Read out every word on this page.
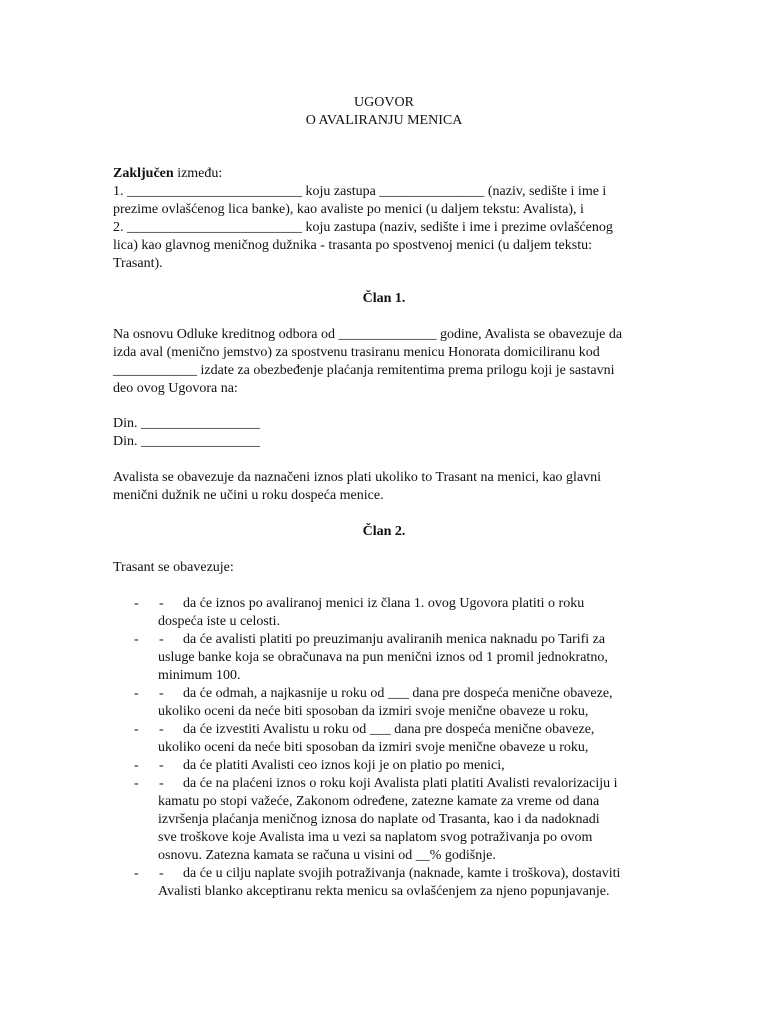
UGOVOR
O AVALIRANJU MENICA
Zaključen između:
1. _________________________ koju zastupa _______________ (naziv, sedište i ime i
prezime ovlašćenog lica banke), kao avaliste po menici (u daljem tekstu: Avalista), i
2. _________________________ koju zastupa (naziv, sedište i ime i prezime ovlašćenog
lica) kao glavnog meničnog dužnika - trasanta po spostvenoj menici (u daljem tekstu:
Trasant).
Član 1.
Na osnovu Odluke kreditnog odbora od ______________ godine, Avalista se obavezuje da
izda aval (menično jemstvo) za spostvenu trasiranu menicu Honorata domiciliranu kod
____________ izdate za obezbeđenje plaćanja remitentima prema prilogu koji je sastavni
deo ovog Ugovora na:
Din. _________________
Din. _________________
Avalista se obavezuje da naznačeni iznos plati ukoliko to Trasant na menici, kao glavni
menični dužnik ne učini u roku dospeća menice.
Član 2.
Trasant se obavezuje:
- - da će iznos po avaliranoj menici iz člana 1. ovog Ugovora platiti o roku
dospeća iste u celosti.
- - da će avalisti platiti po preuzimanju avaliranih menica naknadu po Tarifi za
usluge banke koja se obračunava na pun menični iznos od 1 promil jednokratno,
minimum 100.
- - da će odmah, a najkasnije u roku od ___ dana pre dospeća menične obaveze,
ukoliko oceni da neće biti sposoban da izmiri svoje menične obaveze u roku,
- - da će izvestiti Avalistu u roku od ___ dana pre dospeća menične obaveze,
ukoliko oceni da neće biti sposoban da izmiri svoje menične obaveze u roku,
- - da će platiti Avalisti ceo iznos koji je on platio po menici,
- - da će na plaćeni iznos o roku koji Avalista plati platiti Avalisti revalorizaciju i
kamatu po stopi važeće, Zakonom određene, zatezne kamate za vreme od dana
izvršenja plaćanja meničnog iznosa do naplate od Trasanta, kao i da nadoknadi
sve troškove koje Avalista ima u vezi sa naplatom svog potraživanja po ovom
osnovu. Zatezna kamata se računa u visini od __% godišnje.
- - da će u cilju naplate svojih potraživanja (naknade, kamte i troškova), dostaviti
Avalisti blanko akceptiranu rekta menicu sa ovlašćenjem za njeno popunjavanje.
